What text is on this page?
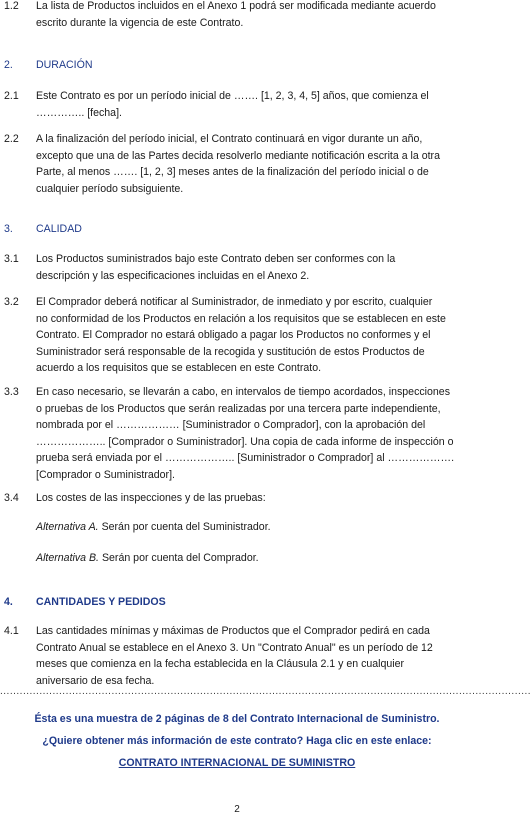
1.2 La lista de Productos incluidos en el Anexo 1 podrá ser modificada mediante acuerdo
escrito durante la vigencia de este Contrato.
2. DURACIÓN
2.1 Este Contrato es por un período inicial de ……. [1, 2, 3, 4, 5] años, que comienza el
………….. [fecha].
2.2 A la finalización del período inicial, el Contrato continuará en vigor durante un año,
excepto que una de las Partes decida resolverlo mediante notificación escrita a la otra
Parte, al menos ……. [1, 2, 3] meses antes de la finalización del período inicial o de
cualquier período subsiguiente.
3. CALIDAD
3.1 Los Productos suministrados bajo este Contrato deben ser conformes con la
descripción y las especificaciones incluidas en el Anexo 2.
3.2 El Comprador deberá notificar al Suministrador, de inmediato y por escrito, cualquier
no conformidad de los Productos en relación a los requisitos que se establecen en este
Contrato. El Comprador no estará obligado a pagar los Productos no conformes y el
Suministrador será responsable de la recogida y sustitución de estos Productos de
acuerdo a los requisitos que se establecen en este Contrato.
3.3 En caso necesario, se llevarán a cabo, en intervalos de tiempo acordados, inspecciones
o pruebas de los Productos que serán realizadas por una tercera parte independiente,
nombrada por el ……………… [Suministrador o Comprador], con la aprobación del
……………….. [Comprador o Suministrador]. Una copia de cada informe de inspección o
prueba será enviada por el ……………….. [Suministrador o Comprador] al ……………….
[Comprador o Suministrador].
3.4 Los costes de las inspecciones y de las pruebas:
Alternativa A. Serán por cuenta del Suministrador.
Alternativa B. Serán por cuenta del Comprador.
4. CANTIDADES Y PEDIDOS
4.1 Las cantidades mínimas y máximas de Productos que el Comprador pedirá en cada
Contrato Anual se establece en el Anexo 3. Un "Contrato Anual" es un período de 12
meses que comienza en la fecha establecida en la Cláusula 2.1 y en cualquier
aniversario de esa fecha.
..................................................................................................................................................................
Ésta es una muestra de 2 páginas de 8 del Contrato Internacional de Suministro.
¿Quiere obtener más información de este contrato? Haga clic en este enlace:
CONTRATO INTERNACIONAL DE SUMINISTRO
2
